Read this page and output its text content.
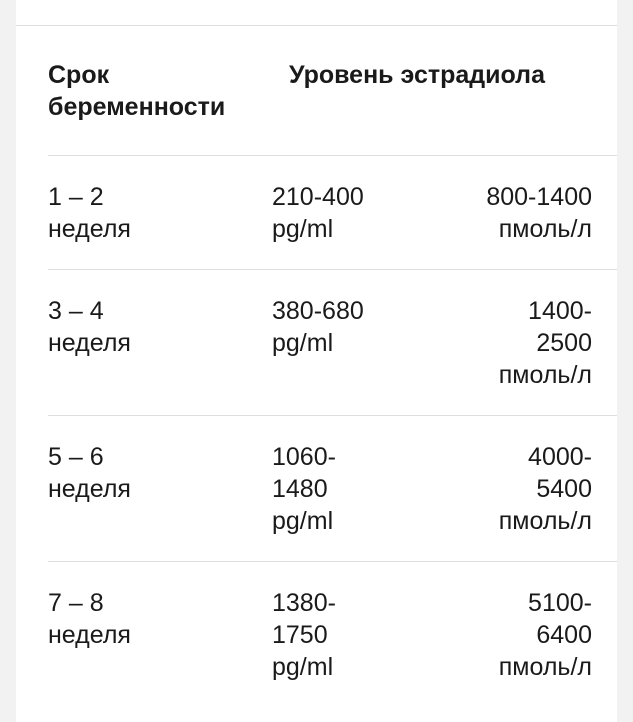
Срок
беременности
Уровень эстрадиола
1 – 2
неделя
210-400
pg/ml
800-1400
пмоль/л
3 – 4
неделя
380-680
pg/ml
1400-
2500
пмоль/л
5 – 6
неделя
1060-
1480
pg/ml
4000-
5400
пмоль/л
7 – 8
неделя
1380-
1750
pg/ml
5100-
6400
пмоль/л
